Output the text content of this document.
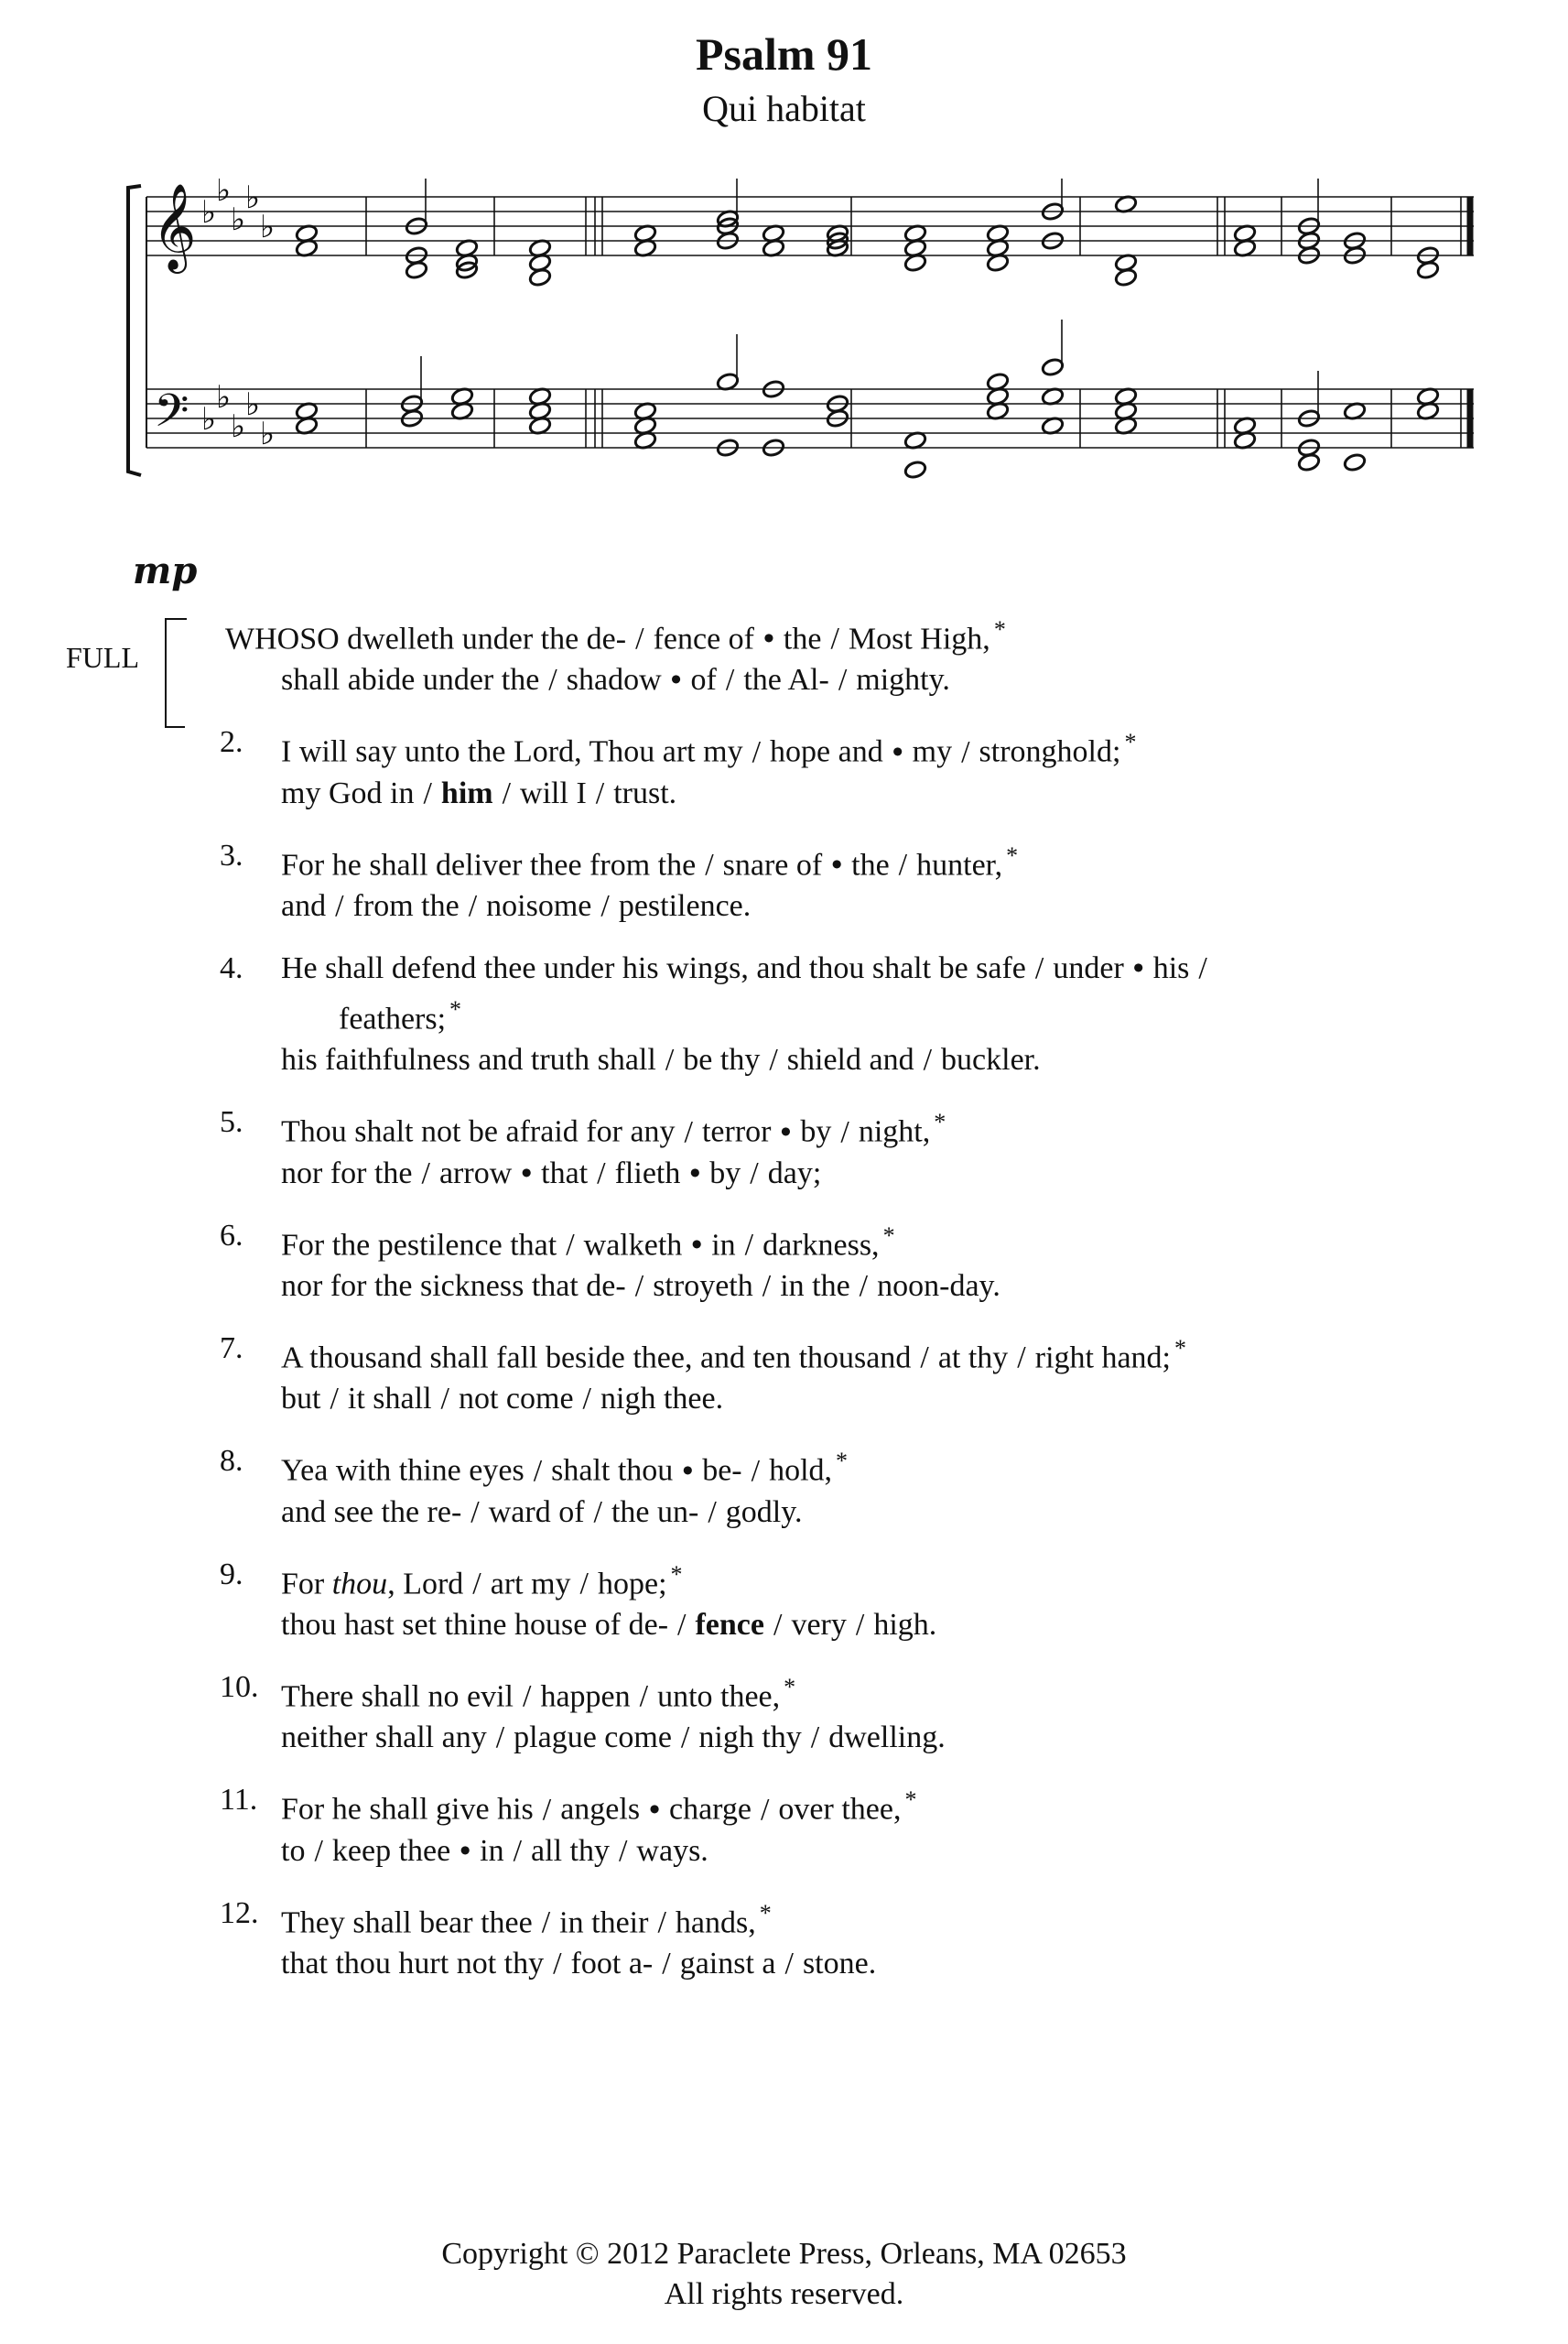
Psalm 91
Qui habitat
𝄞
𝄢
♭
♭
♭
♭
♭
♭
♭
♭
♭
♭
mp
FULL
WHOSO dwelleth under the de- / fence of • the / Most High, *
shall abide under the / shadow • of / the Al- / mighty.
2.	I will say unto the Lord, Thou art my / hope and • my / stronghold; *
my God in / him / will I / trust.
3.	For he shall deliver thee from the / snare of • the / hunter, *
and / from the / noisome / pestilence.
4.	He shall defend thee under his wings, and thou shalt be safe / under • his /
feathers; *
his faithfulness and truth shall / be thy / shield and / buckler.
5.	Thou shalt not be afraid for any / terror • by / night, *
nor for the / arrow • that / flieth • by / day;
6.	For the pestilence that / walketh • in / darkness, *
nor for the sickness that de- / stroyeth / in the / noon-day.
7.	A thousand shall fall beside thee, and ten thousand / at thy / right hand; *
but / it shall / not come / nigh thee.
8.	Yea with thine eyes / shalt thou • be- / hold, *
and see the re- / ward of / the un- / godly.
9.	For thou, Lord / art my / hope; *
thou hast set thine house of de- / fence / very / high.
10. There shall no evil / happen / unto thee, *
neither shall any / plague come / nigh thy / dwelling.
11. For he shall give his / angels • charge / over thee, *
to / keep thee • in / all thy / ways.
12. They shall bear thee / in their / hands, *
that thou hurt not thy / foot a- / gainst a / stone.
Copyright © 2012 Paraclete Press, Orleans, MA 02653
All rights reserved.
